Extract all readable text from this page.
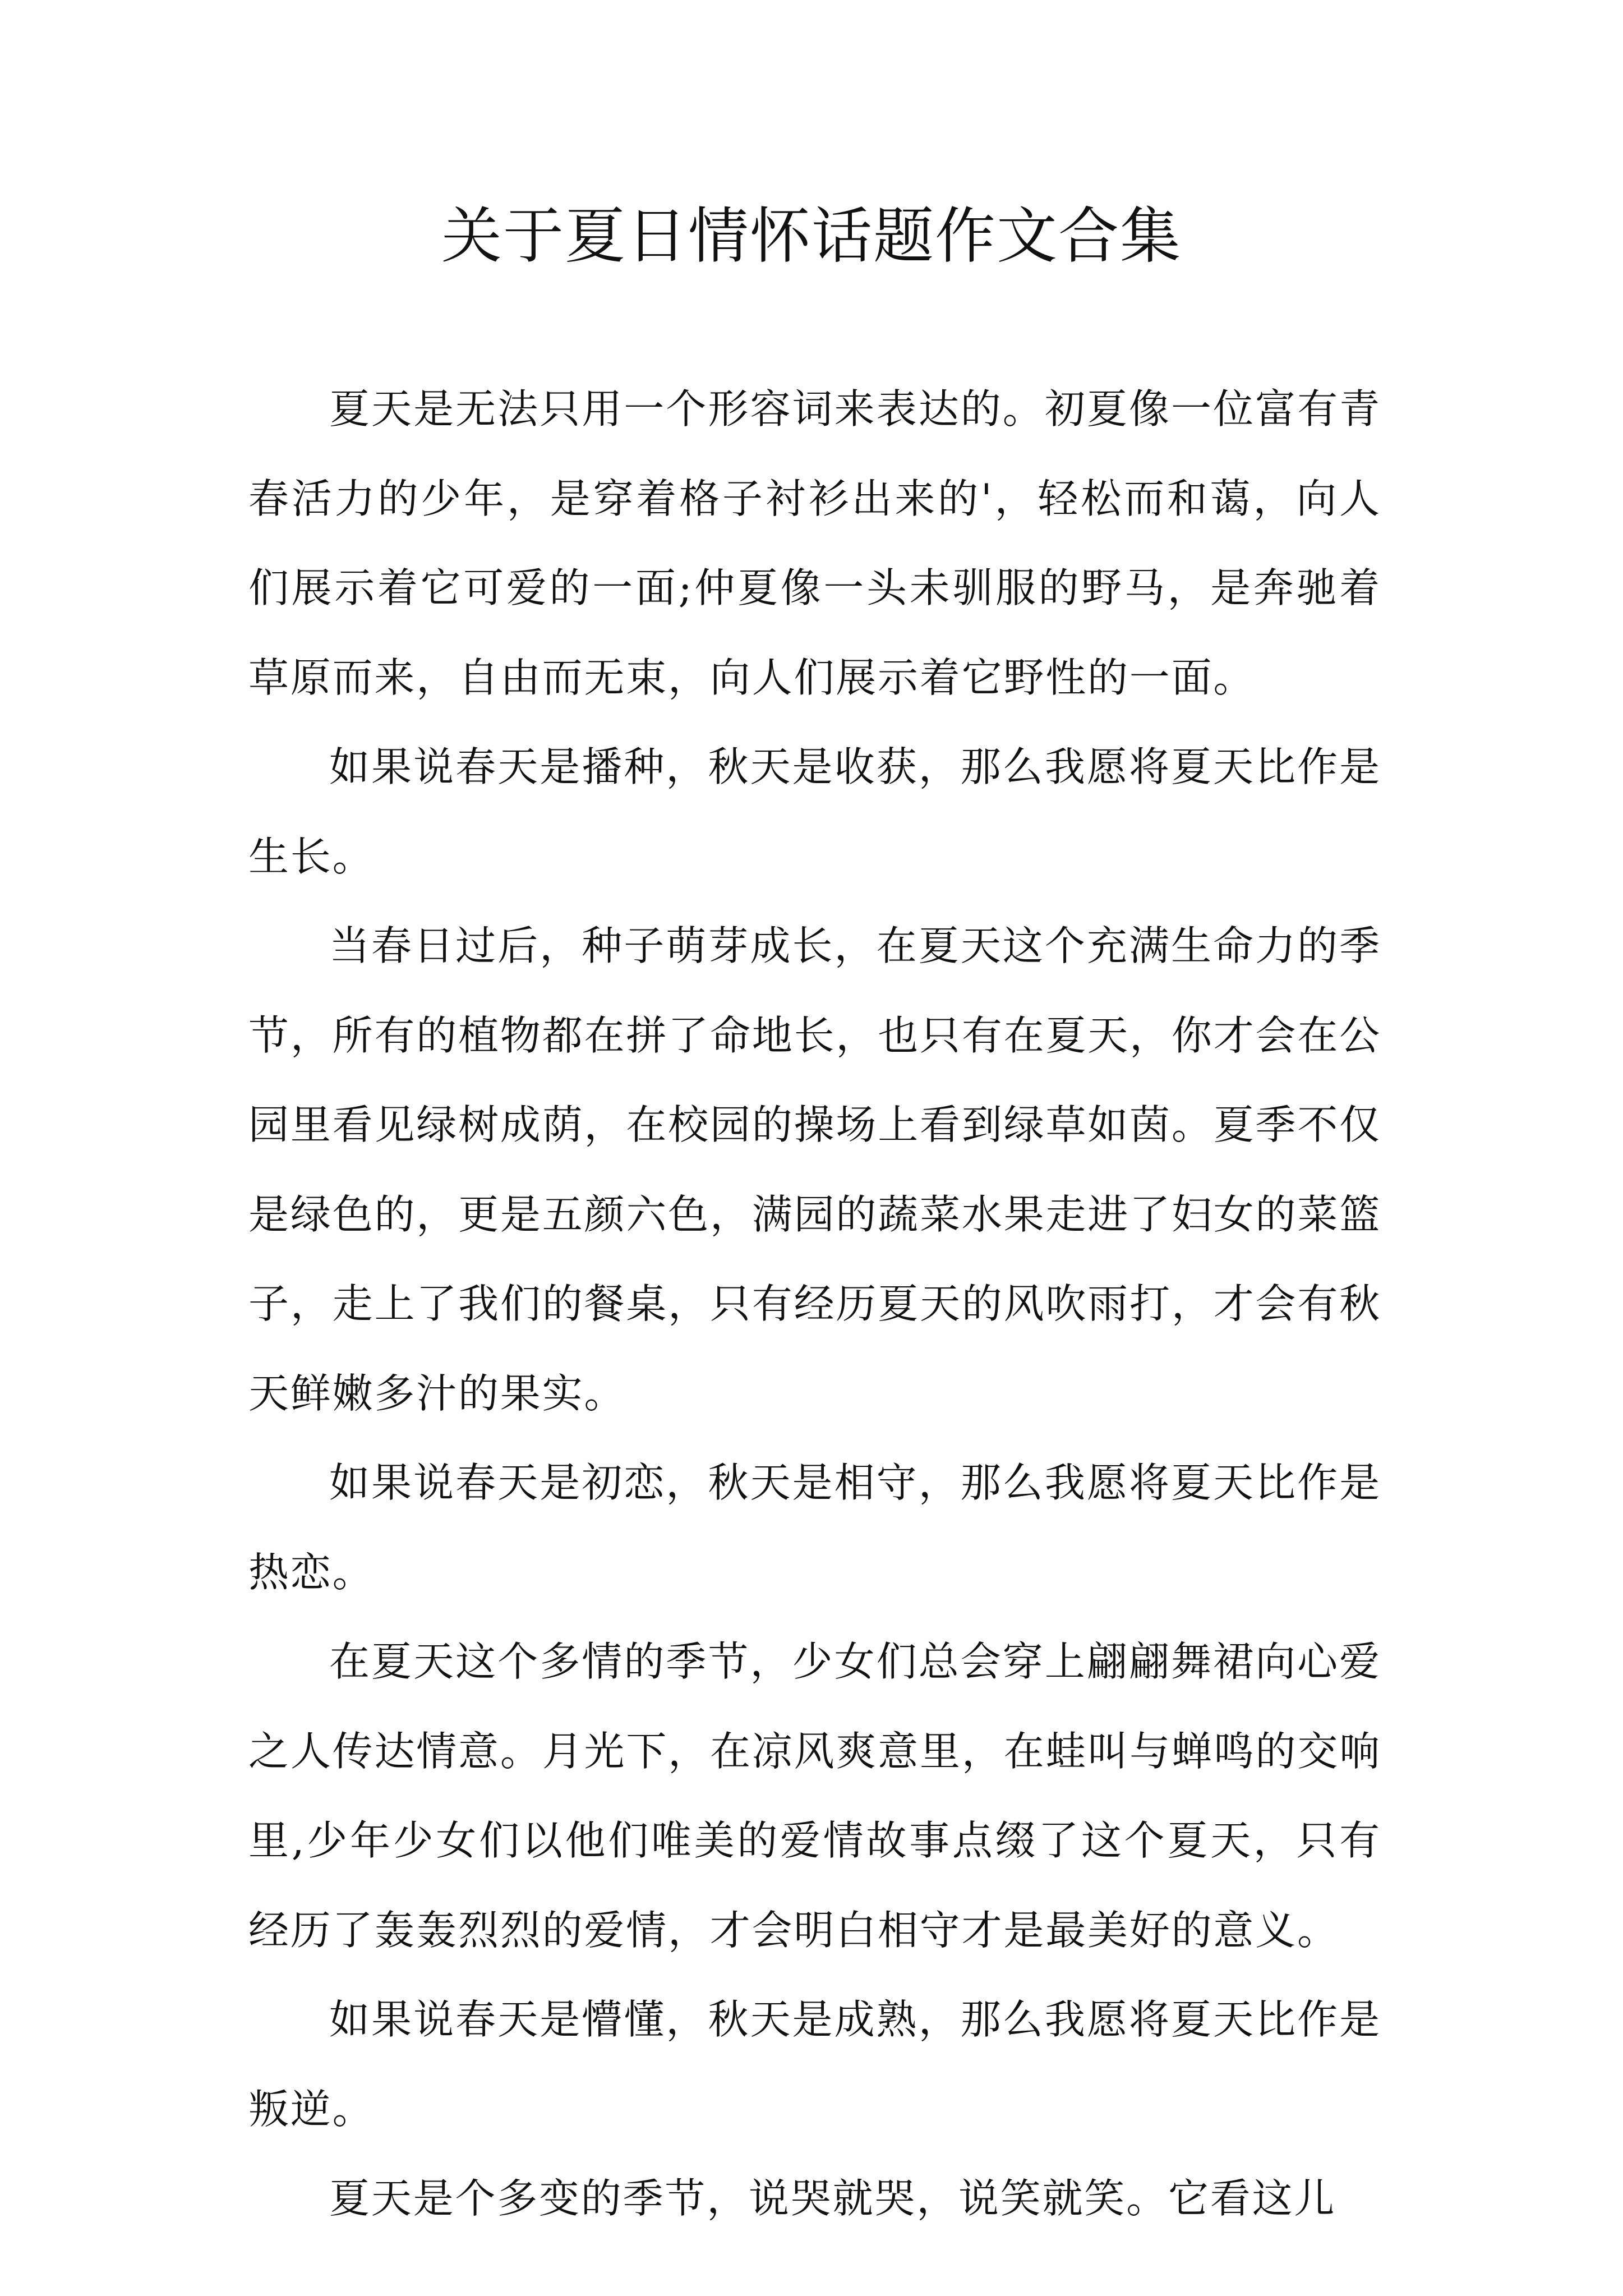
关于夏日情怀话题作文合集

夏天是无法只用一个形容词来表达的。初夏像一位富有青春活力的少年，是穿着格子衬衫出来的'，轻松而和蔼，向人们展示着它可爱的一面;仲夏像一头未驯服的野马，是奔驰着草原而来，自由而无束，向人们展示着它野性的一面。

如果说春天是播种，秋天是收获，那么我愿将夏天比作是生长。

当春日过后，种子萌芽成长，在夏天这个充满生命力的季节，所有的植物都在拼了命地长，也只有在夏天，你才会在公园里看见绿树成荫，在校园的操场上看到绿草如茵。夏季不仅是绿色的，更是五颜六色，满园的蔬菜水果走进了妇女的菜篮子，走上了我们的餐桌，只有经历夏天的风吹雨打，才会有秋天鲜嫩多汁的果实。

如果说春天是初恋，秋天是相守，那么我愿将夏天比作是热恋。

在夏天这个多情的季节，少女们总会穿上翩翩舞裙向心爱之人传达情意。月光下，在凉风爽意里，在蛙叫与蝉鸣的交响里,少年少女们以他们唯美的爱情故事点缀了这个夏天，只有经历了轰轰烈烈的爱情，才会明白相守才是最美好的意义。

如果说春天是懵懂，秋天是成熟，那么我愿将夏天比作是叛逆。

夏天是个多变的季节，说哭就哭，说笑就笑。它看这儿
